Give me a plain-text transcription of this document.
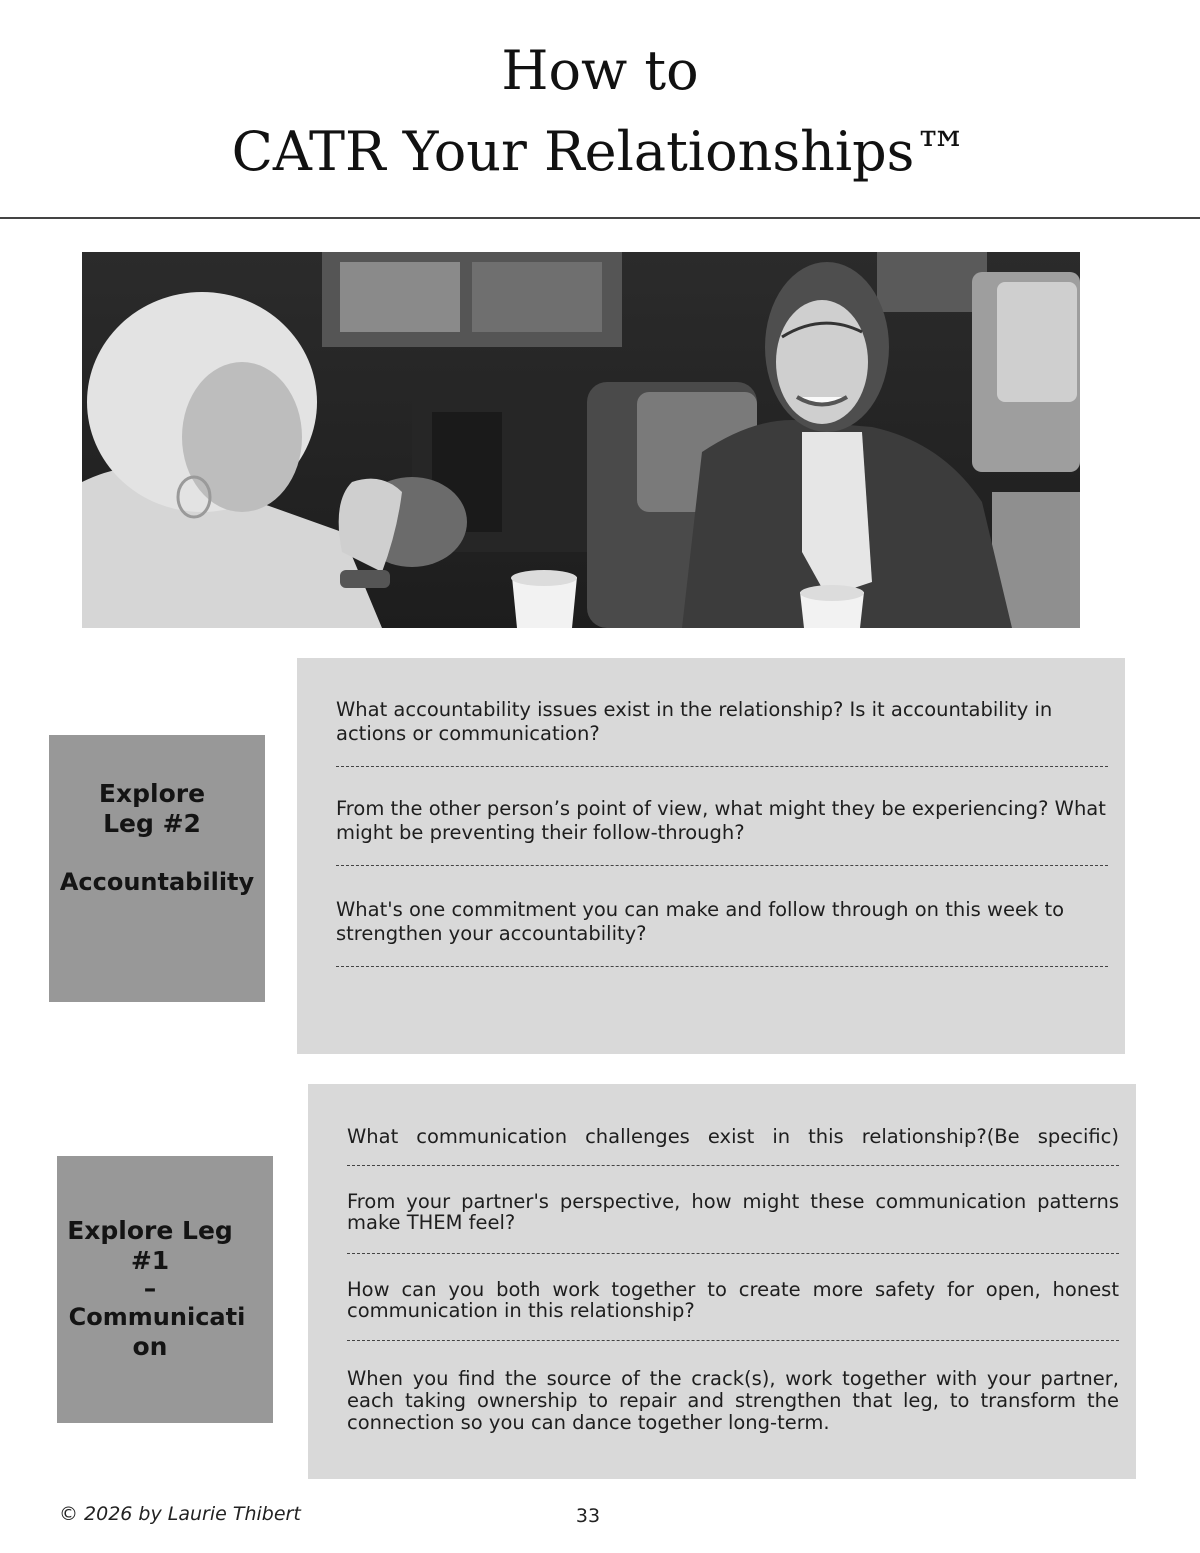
How to
CATR Your Relationships™
Explore
Leg #2
Accountability

What accountability issues exist in the relationship? Is it accountability in actions or communication?

From the other person’s point of view, what might they be experiencing? What might be preventing their follow-through?

What's one commitment you can make and follow through on this week to strengthen your accountability?

Explore Leg
#1
–
Communicati
on

What communication challenges exist in this relationship?(Be specific)

From your partner's perspective, how might these communication patterns make THEM feel?

How can you both work together to create more safety for open, honest communication in this relationship?

When you find the source of the crack(s), work together with your partner, each taking ownership to repair and strengthen that leg, to transform the connection so you can dance together long-term.

© 2026 by Laurie Thibert	33
